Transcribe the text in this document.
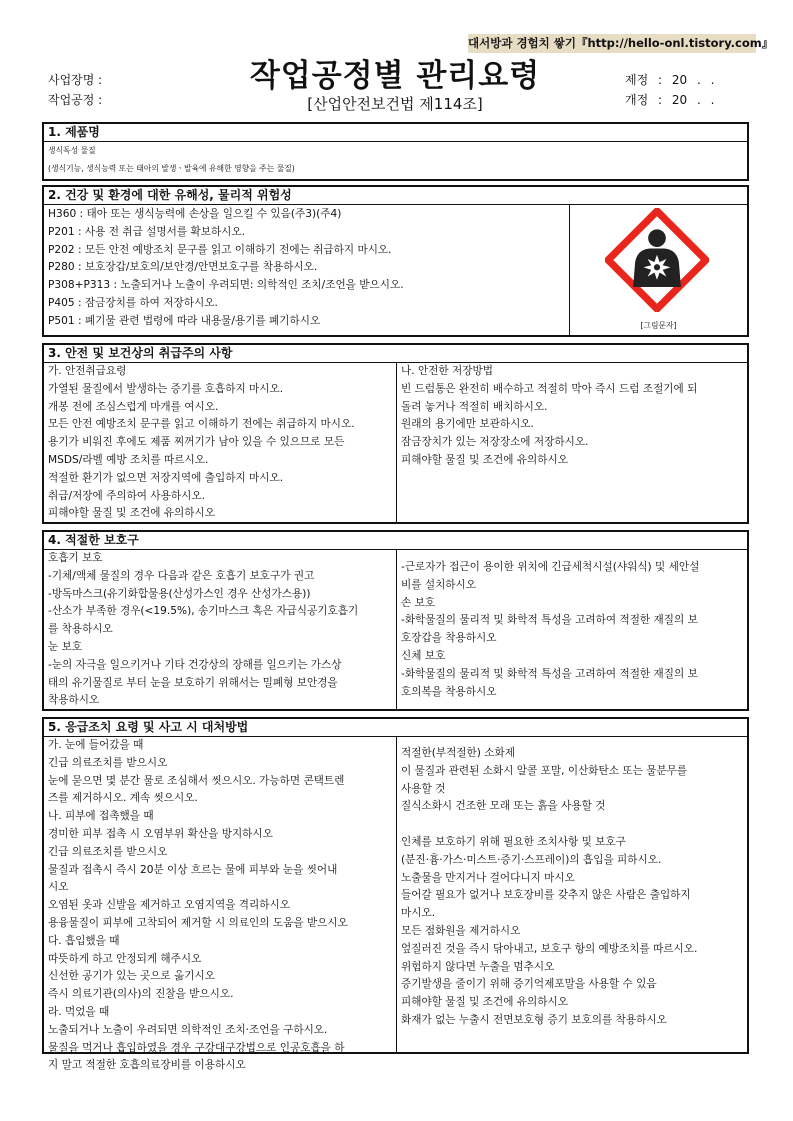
대서방과 경험치 쌓기『http://hello-onl.tistory.com』
사업장명 :
작업공정 :
작업공정별 관리요령
[산업안전보건법 제114조]
제정 : 20 . .
개정 : 20 . .
1. 제품명
생식독성 물질
(생식기능, 생식능력 또는 태아의 발생ㆍ발육에 유해한 영향을 주는 물질)
2. 건강 및 환경에 대한 유해성, 물리적 위험성
H360 : 태아 또는 생식능력에 손상을 일으킬 수 있음(주3)(주4)
P201 : 사용 전 취급 설명서를 확보하시오.
P202 : 모든 안전 예방조치 문구를 읽고 이해하기 전에는 취급하지 마시오.
P280 : 보호장갑/보호의/보안경/안면보호구를 착용하시오.
P308+P313 : 노출되거나 노출이 우려되면: 의학적인 조치/조언을 받으시오.
P405 : 잠금장치를 하여 저장하시오.
P501 : 폐기물 관련 법령에 따라 내용물/용기를 폐기하시오	[그림문자]
3. 안전 및 보건상의 취급주의 사항
가. 안전취급요령
가열된 물질에서 발생하는 증기를 호흡하지 마시오.
개봉 전에 조심스럽게 마개를 여시오.
모든 안전 예방조치 문구를 읽고 이해하기 전에는 취급하지 마시오.
용기가 비워진 후에도 제품 찌꺼기가 남아 있을 수 있으므로 모든
MSDS/라벨 예방 조치를 따르시오.
적절한 환기가 없으면 저장지역에 출입하지 마시오.
취급/저장에 주의하여 사용하시오.
피해야할 물질 및 조건에 유의하시오
나. 안전한 저장방법
빈 드럼통은 완전히 배수하고 적절히 막아 즉시 드럼 조절기에 되
돌려 놓거나 적절히 배치하시오.
원래의 용기에만 보관하시오.
잠금장치가 있는 저장장소에 저장하시오.
피해야할 물질 및 조건에 유의하시오
4. 적절한 보호구
호흡기 보호
-기체/액체 물질의 경우 다음과 같은 호흡기 보호구가 권고
-방독마스크(유기화합물용(산성가스인 경우 산성가스용))
-산소가 부족한 경우(<19.5%), 송기마스크 혹은 자급식공기호흡기
를 착용하시오
눈 보호
-눈의 자극을 일으키거나 기타 건강상의 장해를 일으키는 가스상
태의 유기물질로 부터 눈을 보호하기 위해서는 밀폐형 보안경을
착용하시오
-근로자가 접근이 용이한 위치에 긴급세척시설(샤워식) 및 세안설
비를 설치하시오
손 보호
-화학물질의 물리적 및 화학적 특성을 고려하여 적절한 재질의 보
호장갑을 착용하시오
신체 보호
-화학물질의 물리적 및 화학적 특성을 고려하여 적절한 재질의 보
호의복을 착용하시오
5. 응급조치 요령 및 사고 시 대처방법
가. 눈에 들어갔을 때
긴급 의료조치를 받으시오
눈에 묻으면 몇 분간 물로 조심해서 씻으시오. 가능하면 콘택트렌
즈를 제거하시오. 계속 씻으시오.
나. 피부에 접촉했을 때
경미한 피부 접촉 시 오염부위 확산을 방지하시오
긴급 의료조치를 받으시오
물질과 접촉시 즉시 20분 이상 흐르는 물에 피부와 눈을 씻어내
시오
오염된 옷과 신발을 제거하고 오염지역을 격리하시오
용융물질이 피부에 고착되어 제거할 시 의료인의 도움을 받으시오
다. 흡입했을 때
따뜻하게 하고 안정되게 해주시오
신선한 공기가 있는 곳으로 옮기시오
즉시 의료기관(의사)의 진찰을 받으시오.
라. 먹었을 때
노출되거나 노출이 우려되면 의학적인 조치·조언을 구하시오.
물질을 먹거나 흡입하였을 경우 구강대구강법으로 인공호흡을 하
지 말고 적절한 호흡의료장비를 이용하시오
적절한(부적절한) 소화제
이 물질과 관련된 소화시 알콜 포말, 이산화탄소 또는 물분무를
사용할 것
질식소화시 건조한 모래 또는 흙을 사용할 것
인체를 보호하기 위해 필요한 조치사항 및 보호구
(분진·흄·가스·미스트·증기·스프레이)의 흡입을 피하시오.
노출물을 만지거나 걸어다니지 마시오
들어갈 필요가 없거나 보호장비를 갖추지 않은 사람은 출입하지
마시오.
모든 점화원을 제거하시오
엎질러진 것을 즉시 닦아내고, 보호구 항의 예방조치를 따르시오.
위험하지 않다면 누출을 멈추시오
증기발생을 줄이기 위해 증기억제포말을 사용할 수 있음
피해야할 물질 및 조건에 유의하시오
화재가 없는 누출시 전면보호형 증기 보호의를 착용하시오
